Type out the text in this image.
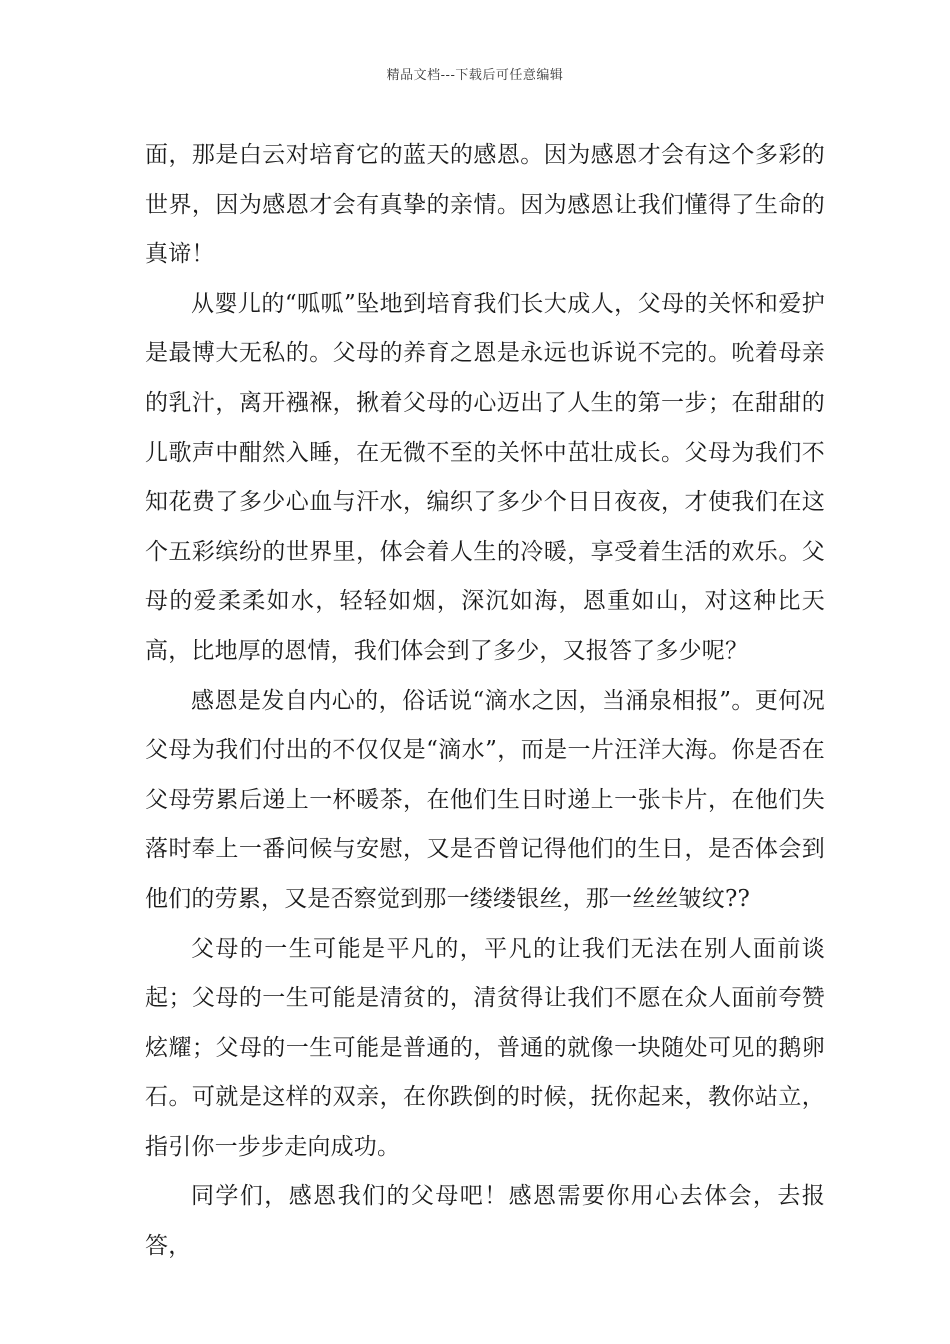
精品文档---下载后可任意编辑

面，那是白云对培育它的蓝天的感恩。因为感恩才会有这个多彩的世界，因为感恩才会有真挚的亲情。因为感恩让我们懂得了生命的真谛！

从婴儿的“呱呱”坠地到培育我们长大成人，父母的关怀和爱护是最博大无私的。父母的养育之恩是永远也诉说不完的。吮着母亲的乳汁，离开襁褓，揪着父母的心迈出了人生的第一步；在甜甜的儿歌声中酣然入睡，在无微不至的关怀中茁壮成长。父母为我们不知花费了多少心血与汗水，编织了多少个日日夜夜，才使我们在这个五彩缤纷的世界里，体会着人生的冷暖，享受着生活的欢乐。父母的爱柔柔如水，轻轻如烟，深沉如海，恩重如山，对这种比天高，比地厚的恩情，我们体会到了多少，又报答了多少呢？

感恩是发自内心的，俗话说“滴水之因，当涌泉相报”。更何况父母为我们付出的不仅仅是“滴水”，而是一片汪洋大海。你是否在父母劳累后递上一杯暖茶，在他们生日时递上一张卡片，在他们失落时奉上一番问候与安慰，又是否曾记得他们的生日，是否体会到他们的劳累，又是否察觉到那一缕缕银丝，那一丝丝皱纹??

父母的一生可能是平凡的，平凡的让我们无法在别人面前谈起；父母的一生可能是清贫的，清贫得让我们不愿在众人面前夸赞炫耀；父母的一生可能是普通的，普通的就像一块随处可见的鹅卵石。可就是这样的双亲，在你跌倒的时候，抚你起来，教你站立，指引你一步步走向成功。

同学们，感恩我们的父母吧！感恩需要你用心去体会，去报答，
